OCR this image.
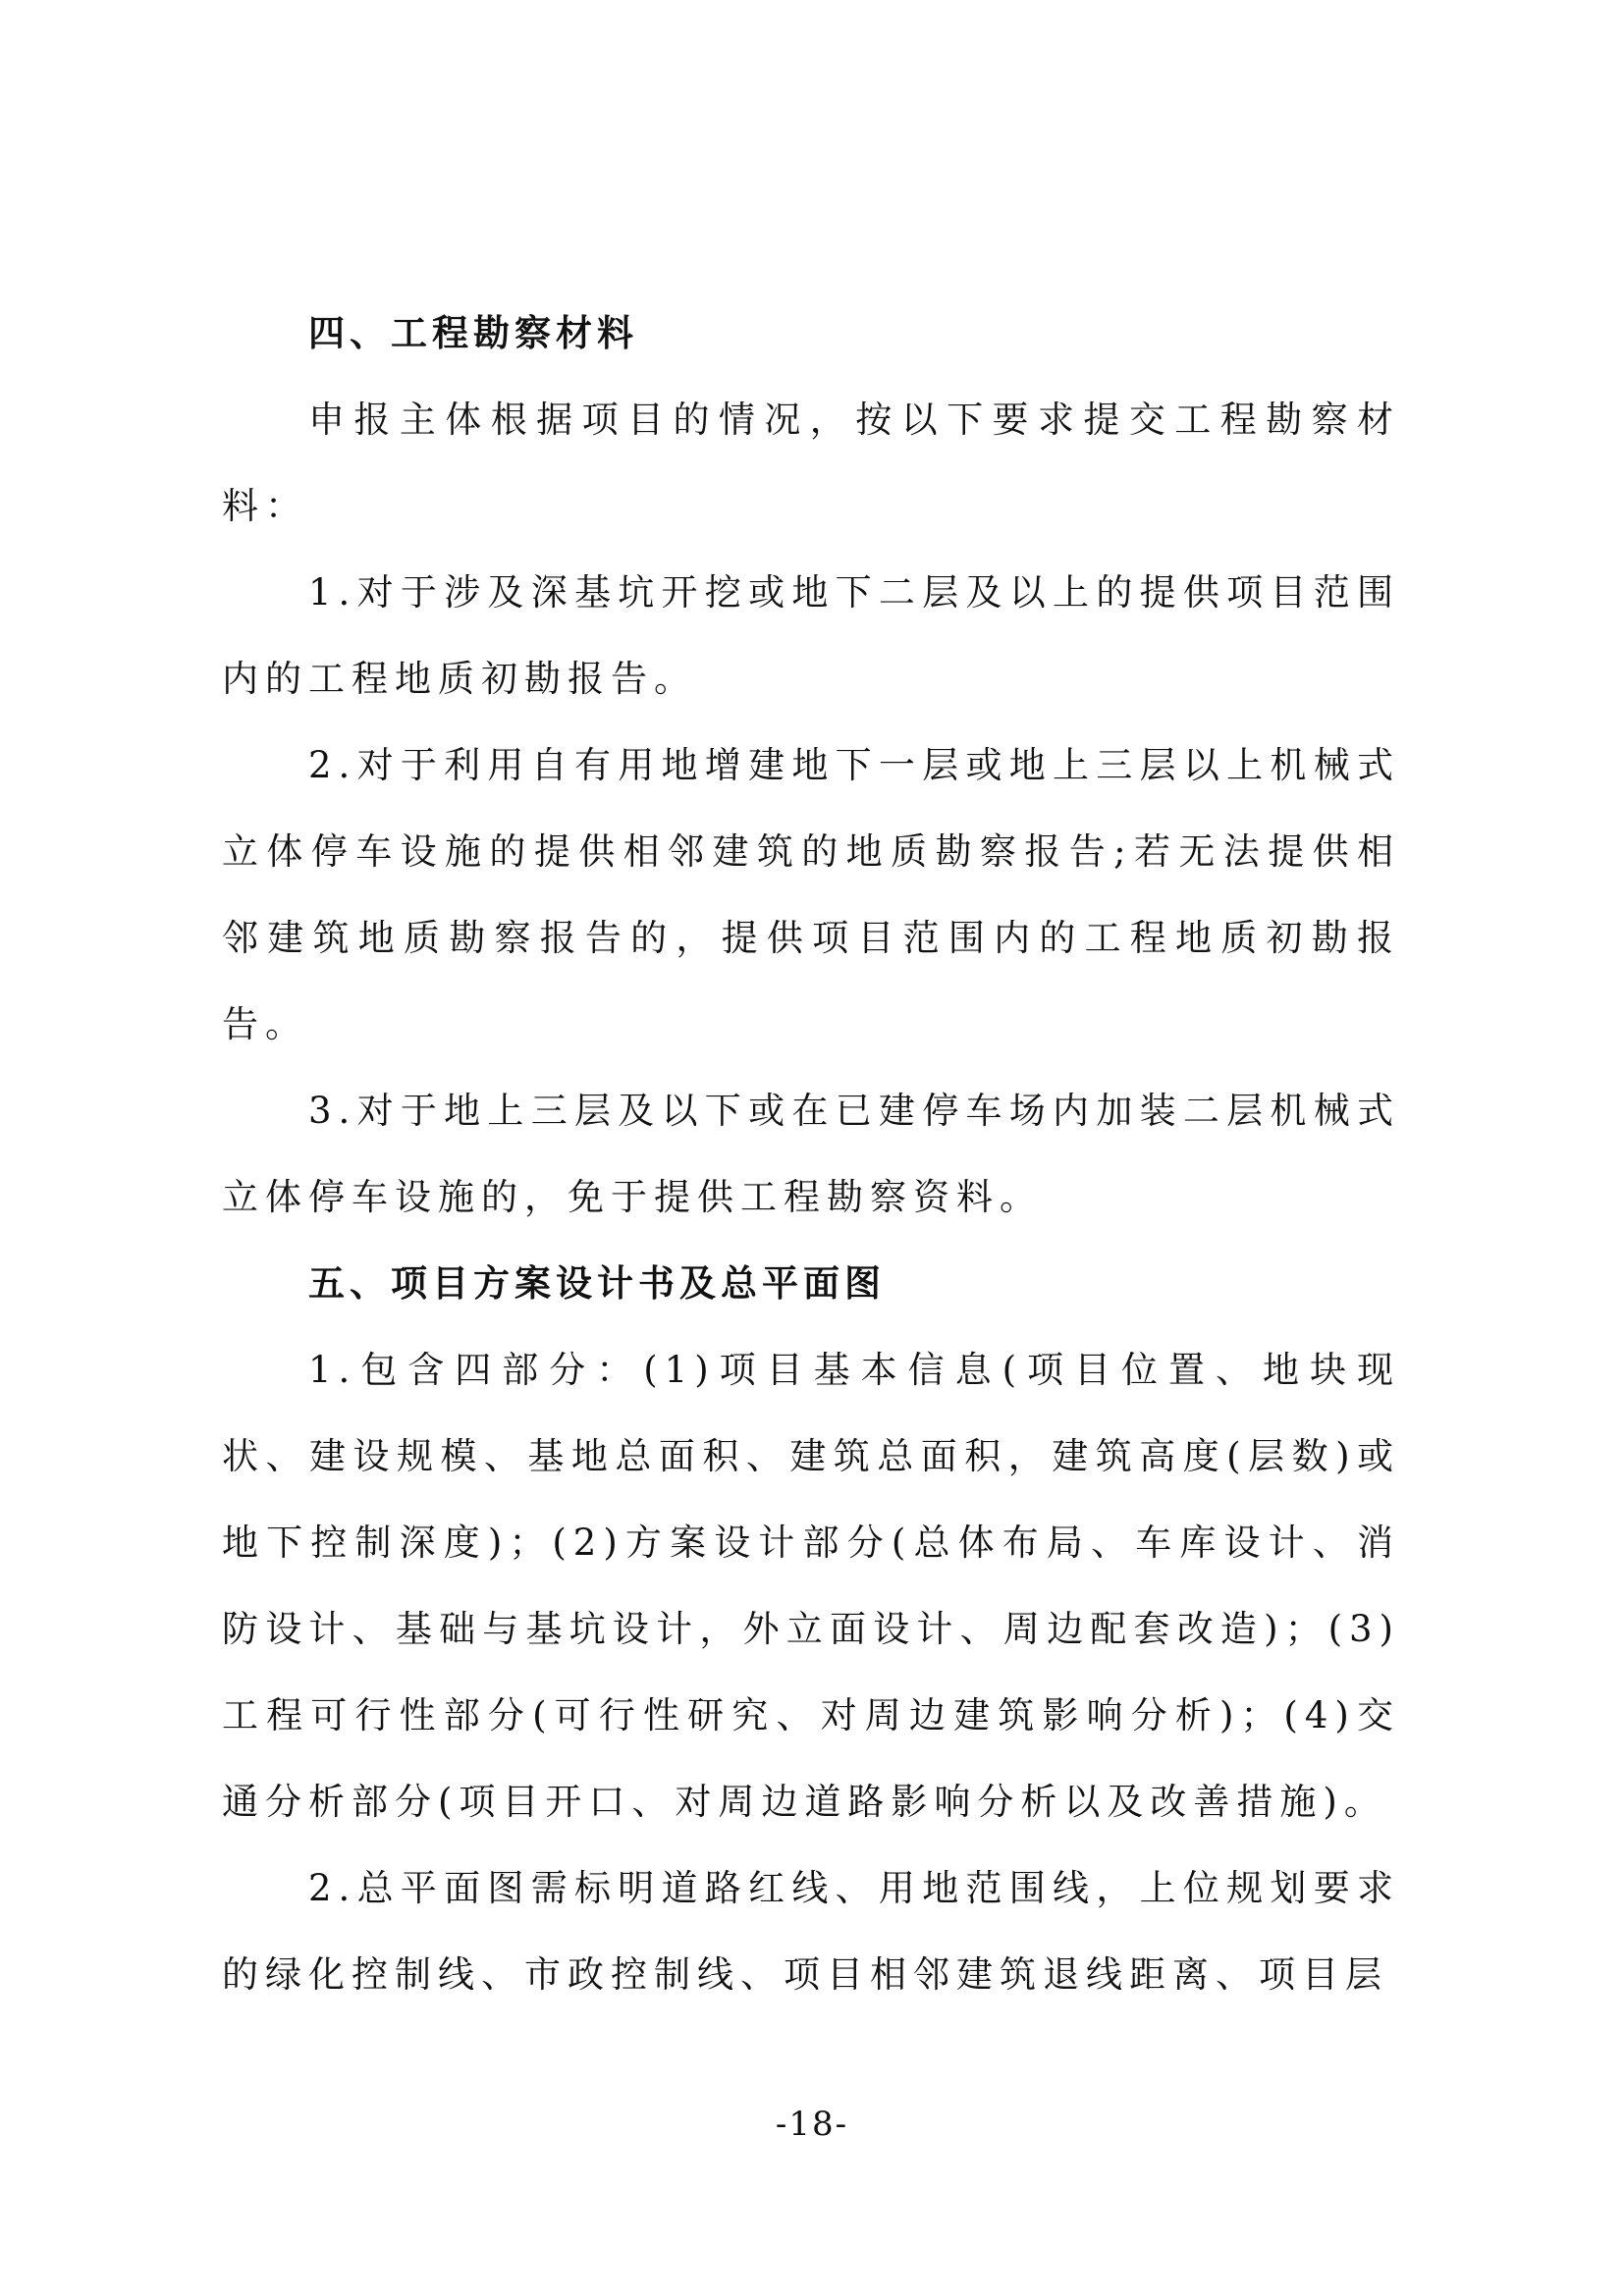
四、工程勘察材料

申报主体根据项目的情况，按以下要求提交工程勘察材料：

1.对于涉及深基坑开挖或地下二层及以上的提供项目范围内的工程地质初勘报告。

2.对于利用自有用地增建地下一层或地上三层以上机械式立体停车设施的提供相邻建筑的地质勘察报告;若无法提供相邻建筑地质勘察报告的，提供项目范围内的工程地质初勘报告。

3.对于地上三层及以下或在已建停车场内加装二层机械式立体停车设施的，免于提供工程勘察资料。

五、项目方案设计书及总平面图

1.包含四部分：(1)项目基本信息(项目位置、地块现状、建设规模、基地总面积、建筑总面积，建筑高度(层数)或地下控制深度)；(2)方案设计部分(总体布局、车库设计、消防设计、基础与基坑设计，外立面设计、周边配套改造)；(3)工程可行性部分(可行性研究、对周边建筑影响分析)；(4)交通分析部分(项目开口、对周边道路影响分析以及改善措施)。

2.总平面图需标明道路红线、用地范围线，上位规划要求的绿化控制线、市政控制线、项目相邻建筑退线距离、项目层

-18-
